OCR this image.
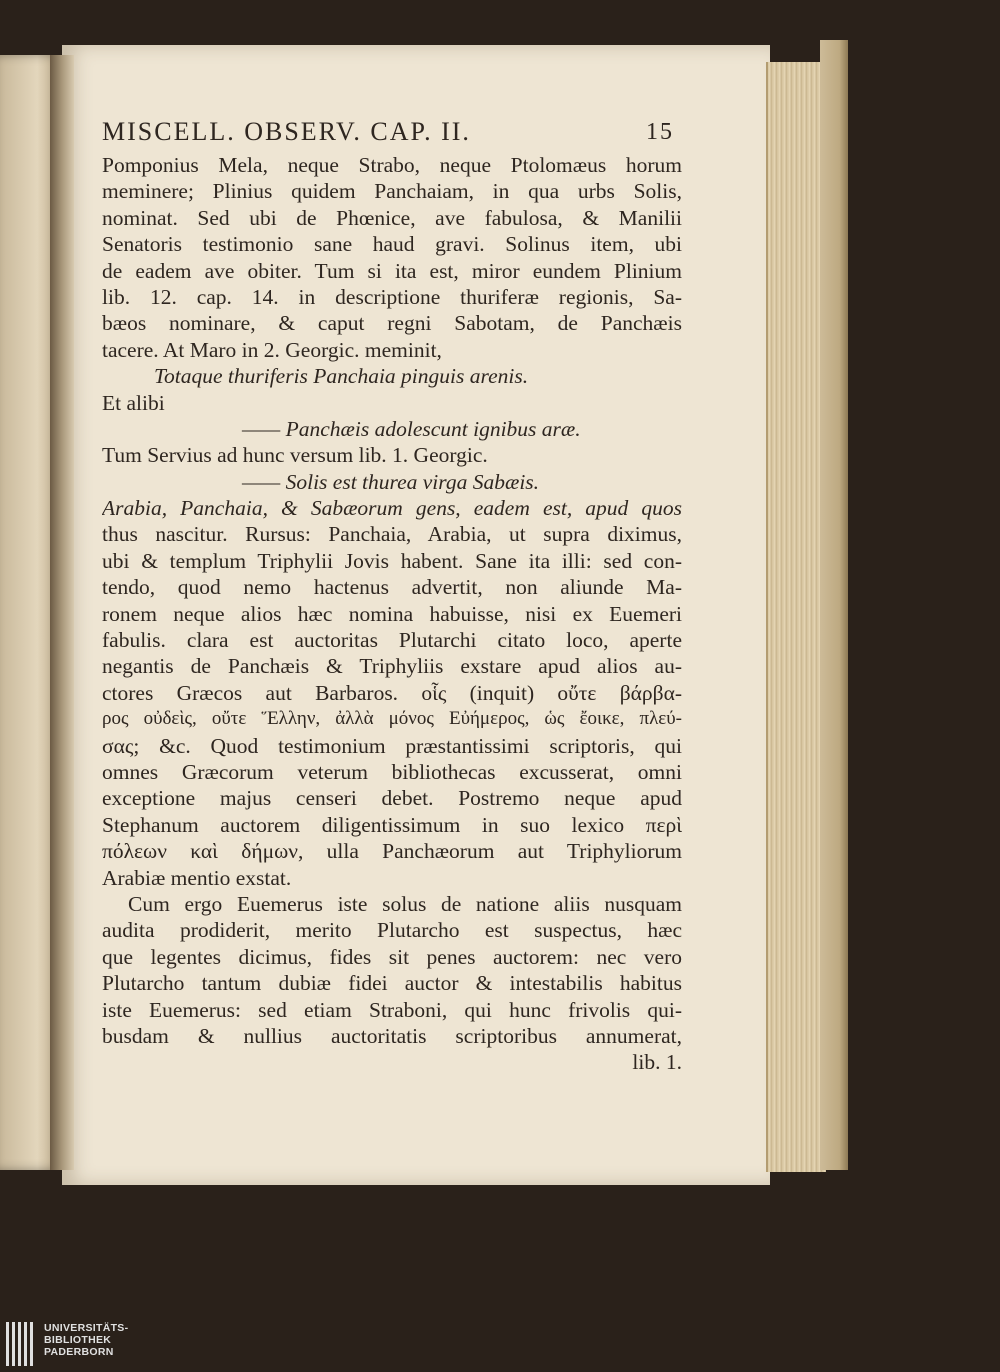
MISCELL. OBSERV. CAP. II.	15
Pomponius Mela, neque Strabo, neque Ptolomæus horum
meminere; Plinius quidem Panchaiam, in qua urbs Solis,
nominat. Sed ubi de Phœnice, ave fabulosa, & Manilii
Senatoris testimonio sane haud gravi. Solinus item, ubi
de eadem ave obiter. Tum si ita est, miror eundem Plinium
lib. 12. cap. 14. in descriptione thuriferæ regionis, Sa-
bæos nominare, & caput regni Sabotam, de Panchæis
tacere. At Maro in 2. Georgic. meminit,
Totaque thuriferis Panchaia pinguis arenis.
Et alibi
—— Panchæis adolescunt ignibus aræ.
Tum Servius ad hunc versum lib. 1. Georgic.
—— Solis est thurea virga Sabæis.
Arabia, Panchaia, & Sabæorum gens, eadem est, apud quos
thus nascitur. Rursus: Panchaia, Arabia, ut supra diximus,
ubi & templum Triphylii Jovis habent. Sane ita illi: sed con-
tendo, quod nemo hactenus advertit, non aliunde Ma-
ronem neque alios hæc nomina habuisse, nisi ex Euemeri
fabulis. clara est auctoritas Plutarchi citato loco, aperte
negantis de Panchæis & Triphyliis exstare apud alios au-
ctores Græcos aut Barbaros. οἷς (inquit) οὔτε βάρβα-
ρος οὐδεὶς, οὔτε Ἕλλην, ἀλλὰ μόνος Εὐήμερος, ὡς ἔοικε, πλεύ-
σας; &c. Quod testimonium præstantissimi scriptoris, qui
omnes Græcorum veterum bibliothecas excusserat, omni
exceptione majus censeri debet. Postremo neque apud
Stephanum auctorem diligentissimum in suo lexico περὶ
πόλεων καὶ δήμων, ulla Panchæorum aut Triphyliorum
Arabiæ mentio exstat.
Cum ergo Euemerus iste solus de natione aliis nusquam
audita prodiderit, merito Plutarcho est suspectus, hæc
que legentes dicimus, fides sit penes auctorem: nec vero
Plutarcho tantum dubiæ fidei auctor & intestabilis habitus
iste Euemerus: sed etiam Straboni, qui hunc frivolis qui-
busdam & nullius auctoritatis scriptoribus annumerat,
lib. 1.
UNIVERSITÄTS-
BIBLIOTHEK
PADERBORN
